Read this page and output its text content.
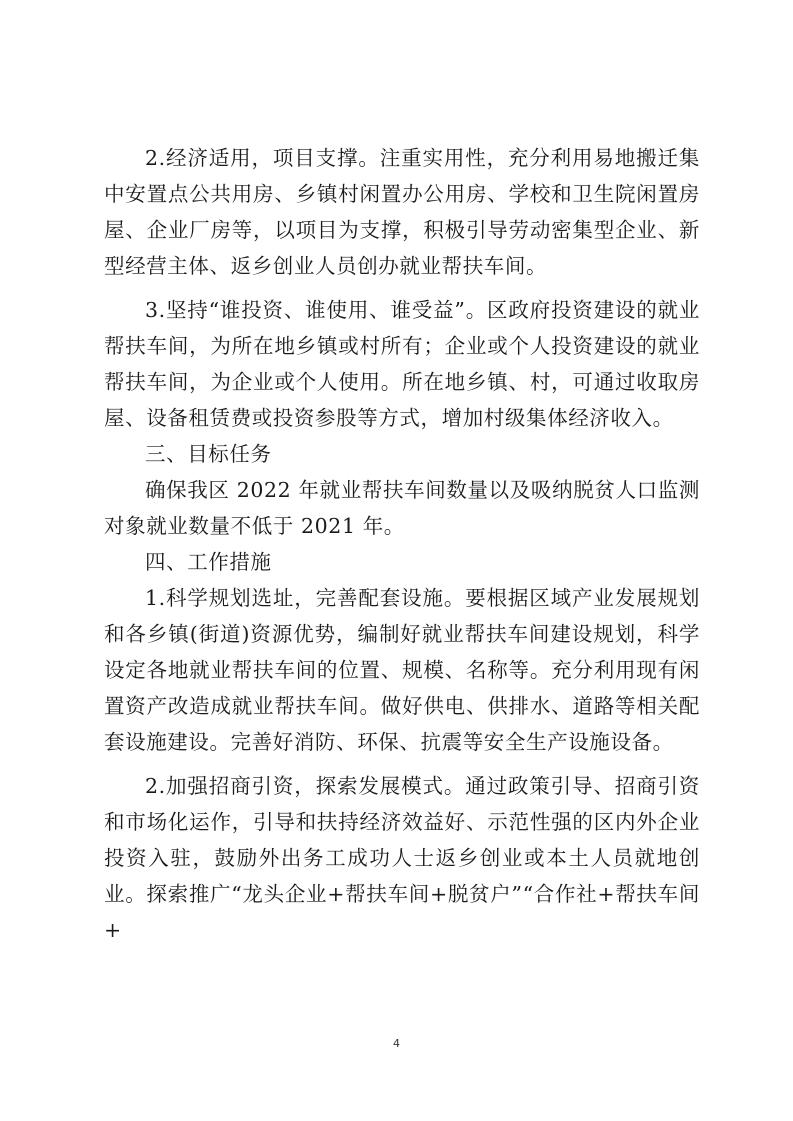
2.经济适用，项目支撑。注重实用性，充分利用易地搬迁集中安置点公共用房、乡镇村闲置办公用房、学校和卫生院闲置房屋、企业厂房等，以项目为支撑，积极引导劳动密集型企业、新型经营主体、返乡创业人员创办就业帮扶车间。

3.坚持“谁投资、谁使用、谁受益”。区政府投资建设的就业帮扶车间，为所在地乡镇或村所有；企业或个人投资建设的就业帮扶车间，为企业或个人使用。所在地乡镇、村，可通过收取房屋、设备租赁费或投资参股等方式，增加村级集体经济收入。

三、目标任务

确保我区 2022 年就业帮扶车间数量以及吸纳脱贫人口监测对象就业数量不低于 2021 年。

四、工作措施

1.科学规划选址，完善配套设施。要根据区域产业发展规划和各乡镇(街道)资源优势，编制好就业帮扶车间建设规划，科学设定各地就业帮扶车间的位置、规模、名称等。充分利用现有闲置资产改造成就业帮扶车间。做好供电、供排水、道路等相关配套设施建设。完善好消防、环保、抗震等安全生产设施设备。

2.加强招商引资，探索发展模式。通过政策引导、招商引资和市场化运作，引导和扶持经济效益好、示范性强的区内外企业投资入驻，鼓励外出务工成功人士返乡创业或本土人员就地创业。探索推广“龙头企业+帮扶车间+脱贫户”“合作社+帮扶车间+

4
